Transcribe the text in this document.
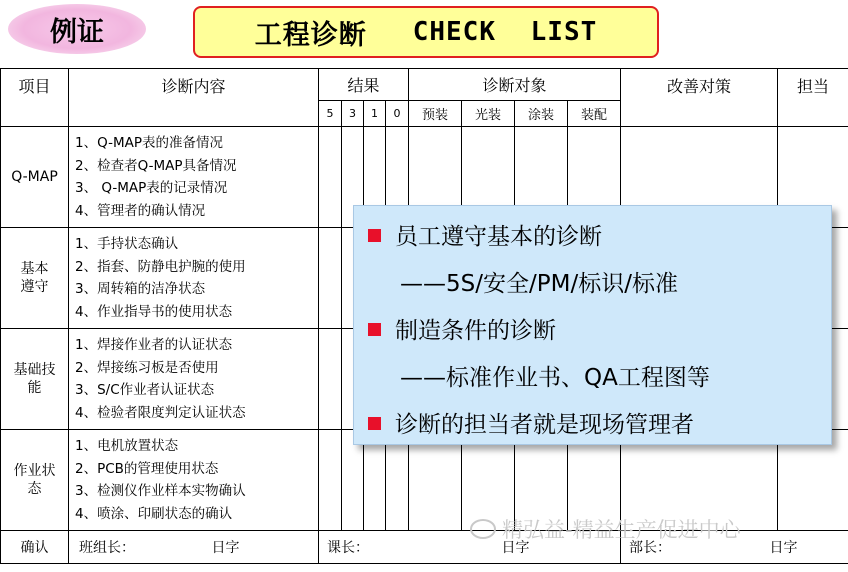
例证	工程诊断 CHECK LIST
项目	诊断内容	结果				诊断对象				改善对策	担当
		5	3	1	0	预装	光装	涂装	装配		
Q-MAP	1、Q-MAP表的准备情况
2、检查者Q-MAP具备情况
3、 Q-MAP表的记录情况
4、管理者的确认情况										

基本遵守	1、手持状态确认
2、指套、防静电护腕的使用
3、周转箱的洁净状态
4、作业指导书的使用状态										

基础技能	1、焊接作业者的认证状态
2、焊接练习板是否使用
3、S/C作业者认证状态
4、检验者限度判定认证状态										

作业状态	1、电机放置状态
2、PCB的管理使用状态
3、检测仪作业样本实物确认
4、喷涂、印刷状态的确认										

确认	班组长： 日字	课长： 日字								部长： 日字	
员工遵守基本的诊断
——5S/安全/PM/标识/标准
制造条件的诊断
——标准作业书、QA工程图等
诊断的担当者就是现场管理者
精弘益-精益生产促进中心
